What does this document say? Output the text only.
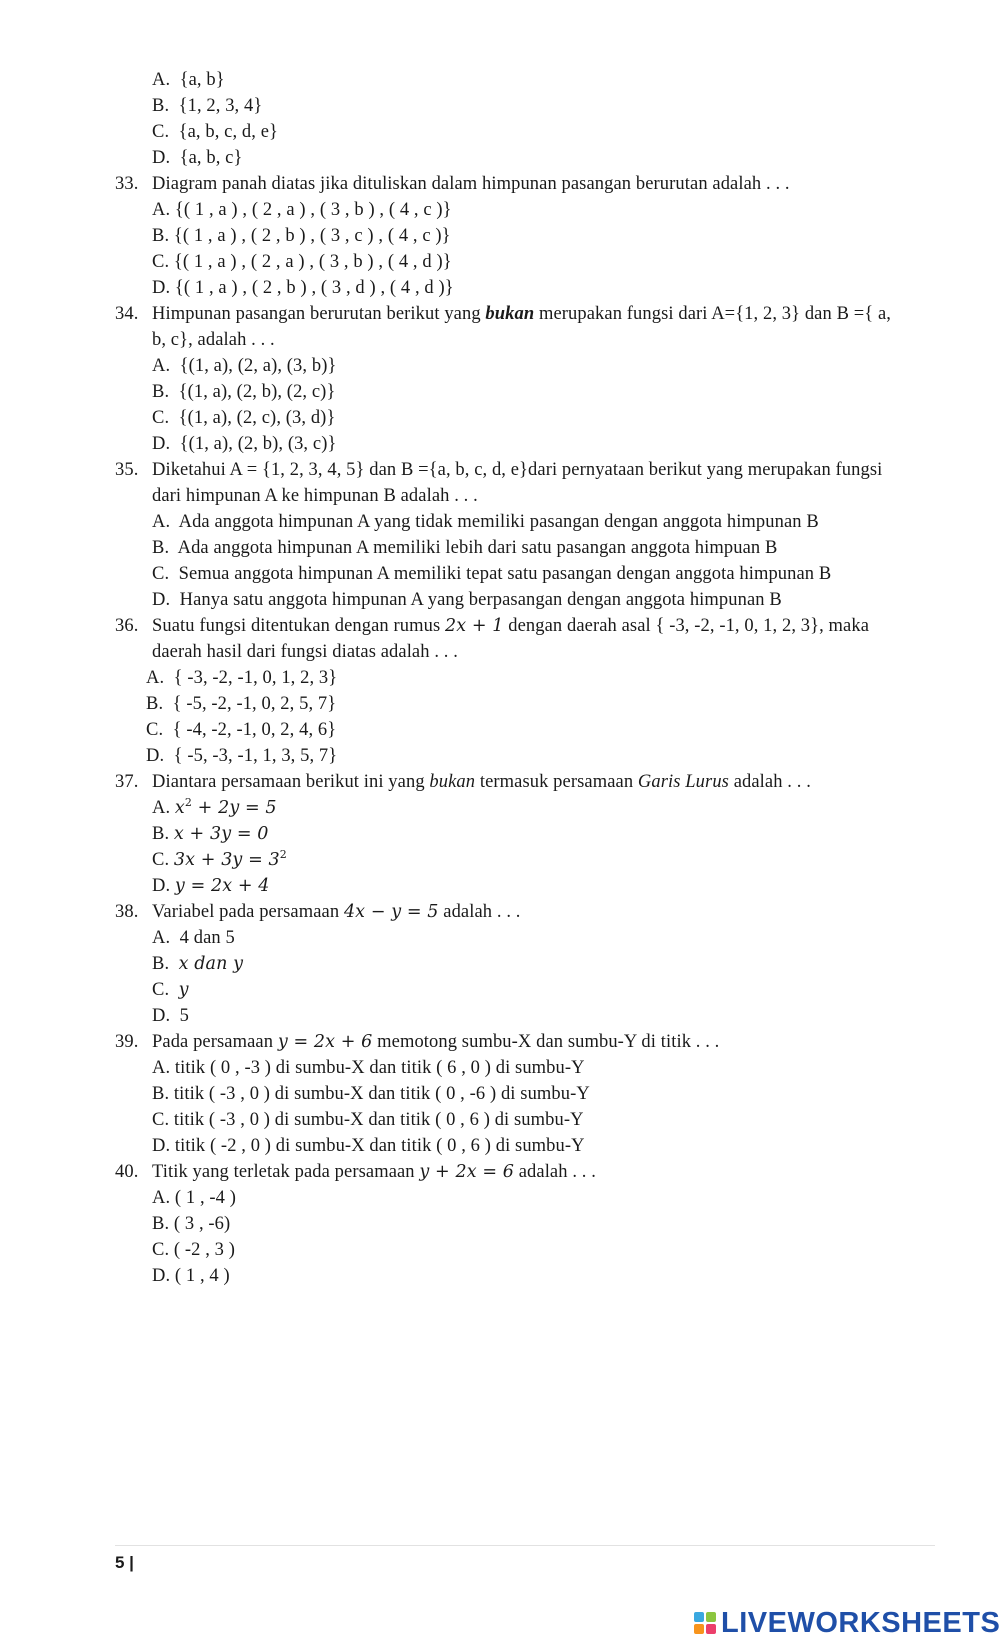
A. {a, b}
B. {1, 2, 3, 4}
C. {a, b, c, d, e}
D. {a, b, c}
33. Diagram panah diatas jika dituliskan dalam himpunan pasangan berurutan adalah . . .
A. {( 1 , a ) , ( 2 , a ) , ( 3 , b ) , ( 4 , c )}
B. {( 1 , a ) , ( 2 , b ) , ( 3 , c ) , ( 4 , c )}
C. {( 1 , a ) , ( 2 , a ) , ( 3 , b ) , ( 4 , d )}
D. {( 1 , a ) , ( 2 , b ) , ( 3 , d ) , ( 4 , d )}
34. Himpunan pasangan berurutan berikut yang bukan merupakan fungsi dari A={1, 2, 3} dan B ={ a,
b, c}, adalah . . .
A. {(1, a), (2, a), (3, b)}
B. {(1, a), (2, b), (2, c)}
C. {(1, a), (2, c), (3, d)}
D. {(1, a), (2, b), (3, c)}
35. Diketahui A = {1, 2, 3, 4, 5} dan B ={a, b, c, d, e}dari pernyataan berikut yang merupakan fungsi
dari himpunan A ke himpunan B adalah . . .
A. Ada anggota himpunan A yang tidak memiliki pasangan dengan anggota himpunan B
B. Ada anggota himpunan A memiliki lebih dari satu pasangan anggota himpuan B
C. Semua anggota himpunan A memiliki tepat satu pasangan dengan anggota himpunan B
D. Hanya satu anggota himpunan A yang berpasangan dengan anggota himpunan B
36. Suatu fungsi ditentukan dengan rumus 2x + 1 dengan daerah asal { -3, -2, -1, 0, 1, 2, 3}, maka
daerah hasil dari fungsi diatas adalah . . .
A. { -3, -2, -1, 0, 1, 2, 3}
B. { -5, -2, -1, 0, 2, 5, 7}
C. { -4, -2, -1, 0, 2, 4, 6}
D. { -5, -3, -1, 1, 3, 5, 7}
37. Diantara persamaan berikut ini yang bukan termasuk persamaan Garis Lurus adalah . . .
A. $x^2 + 2y = 5$
B. x + 3y = 0
C. $3x + 3y = 3^2$
D. y = 2x + 4
38. Variabel pada persamaan 4x − y = 5 adalah . . .
A. 4 dan 5
B. x dan y
C. y
D. 5
39. Pada persamaan y = 2x + 6 memotong sumbu-X dan sumbu-Y di titik . . .
A. titik ( 0 , -3 ) di sumbu-X dan titik ( 6 , 0 ) di sumbu-Y
B. titik ( -3 , 0 ) di sumbu-X dan titik ( 0 , -6 ) di sumbu-Y
C. titik ( -3 , 0 ) di sumbu-X dan titik ( 0 , 6 ) di sumbu-Y
D. titik ( -2 , 0 ) di sumbu-X dan titik ( 0 , 6 ) di sumbu-Y
40. Titik yang terletak pada persamaan y + 2x = 6 adalah . . .
A. ( 1 , -4 )
B. ( 3 , -6)
C. ( -2 , 3 )
D. ( 1 , 4 )
5 |
LIVEWORKSHEETS
